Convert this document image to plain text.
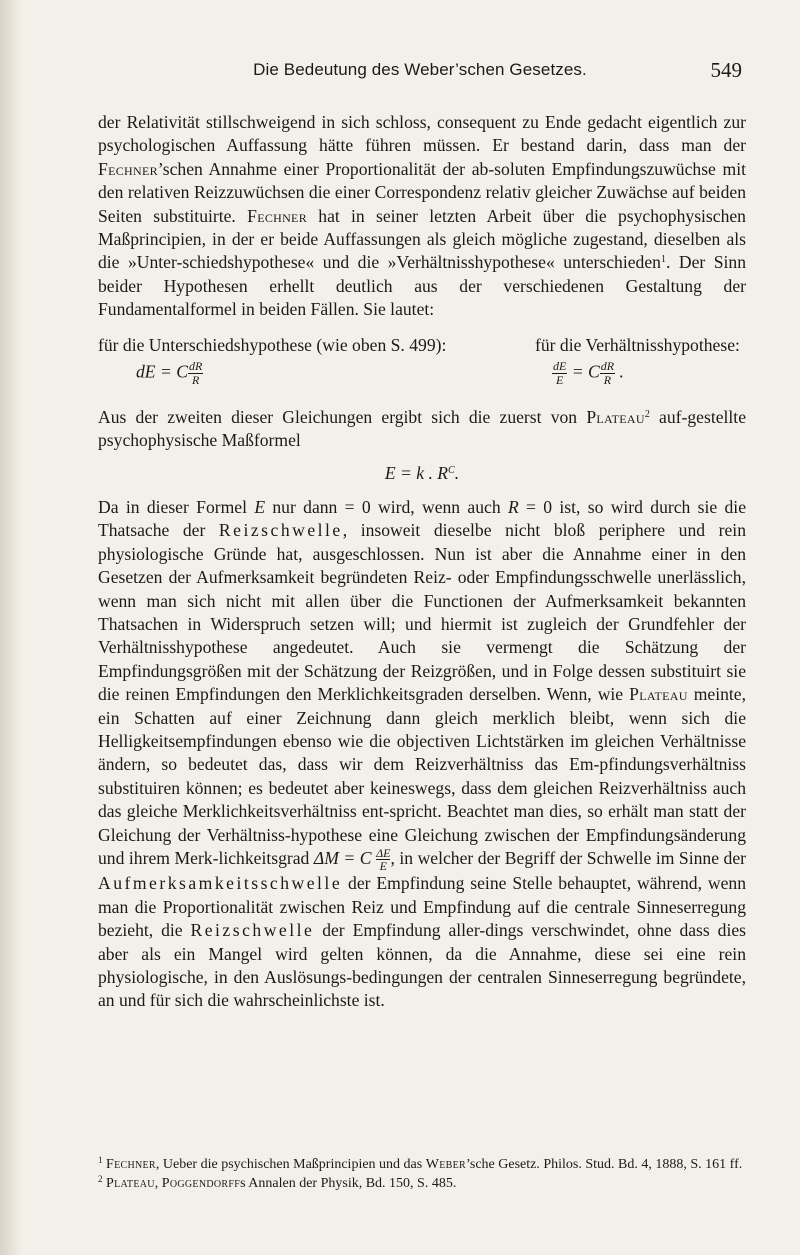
Die Bedeutung des Weber’schen Gesetzes.	549

der Relativität stillschweigend in sich schloss, consequent zu Ende gedacht eigentlich zur psychologischen Auffassung hätte führen müssen. Er bestand darin, dass man der Fechner’schen Annahme einer Proportionalität der ab-soluten Empfindungszuwüchse mit den relativen Reizzuwüchsen die einer Correspondenz relativ gleicher Zuwächse auf beiden Seiten substituirte. Fechner hat in seiner letzten Arbeit über die psychophysischen Maßprincipien, in der er beide Auffassungen als gleich mögliche zugestand, dieselben als die »Unter-schiedshypothese« und die »Verhältnisshypothese« unterschieden$^1$. Der Sinn beider Hypothesen erhellt deutlich aus der verschiedenen Gestaltung der Fundamentalformel in beiden Fällen. Sie lautet:

für die Unterschiedshypothese (wie oben S. 499):	für die Verhältnisshypothese:
dE = C $\frac{dR}{R}$	$\frac{dE}{E} = C \frac{dR}{R}$ .

Aus der zweiten dieser Gleichungen ergibt sich die zuerst von Plateau$^2$ auf-gestellte psychophysische Maßformel

E = k . $R^C$.

Da in dieser Formel E nur dann = 0 wird, wenn auch R = 0 ist, so wird durch sie die Thatsache der Reizschwelle, insoweit dieselbe nicht bloß periphere und rein physiologische Gründe hat, ausgeschlossen. Nun ist aber die Annahme einer in den Gesetzen der Aufmerksamkeit begründeten Reiz- oder Empfindungsschwelle unerlässlich, wenn man sich nicht mit allen über die Functionen der Aufmerksamkeit bekannten Thatsachen in Widerspruch setzen will; und hiermit ist zugleich der Grundfehler der Verhältnisshypothese angedeutet. Auch sie vermengt die Schätzung der Empfindungsgrößen mit der Schätzung der Reizgrößen, und in Folge dessen substituirt sie die reinen Empfindungen den Merklichkeitsgraden derselben. Wenn, wie Plateau meinte, ein Schatten auf einer Zeichnung dann gleich merklich bleibt, wenn sich die Helligkeitsempfindungen ebenso wie die objectiven Lichtstärken im gleichen Verhältnisse ändern, so bedeutet das, dass wir dem Reizverhältniss das Em-pfindungsverhältniss substituiren können; es bedeutet aber keineswegs, dass dem gleichen Reizverhältniss auch das gleiche Merklichkeitsverhältniss ent-spricht. Beachtet man dies, so erhält man statt der Gleichung der Verhältniss-hypothese eine Gleichung zwischen der Empfindungsänderung und ihrem Merk-lichkeitsgrad ΔM = C $\frac{\Delta E}{E}$, in welcher der Begriff der Schwelle im Sinne der Aufmerksamkeitsschwelle der Empfindung seine Stelle behauptet, während, wenn man die Proportionalität zwischen Reiz und Empfindung auf die centrale Sinneserregung bezieht, die Reizschwelle der Empfindung aller-dings verschwindet, ohne dass dies aber als ein Mangel wird gelten können, da die Annahme, diese sei eine rein physiologische, in den Auslösungs-bedingungen der centralen Sinneserregung begründete, an und für sich die wahrscheinlichste ist.

$^1$ Fechner, Ueber die psychischen Maßprincipien und das Weber’sche Gesetz. Philos. Stud. Bd. 4, 1888, S. 161 ff.
$^2$ Plateau, Poggendorffs Annalen der Physik, Bd. 150, S. 485.
